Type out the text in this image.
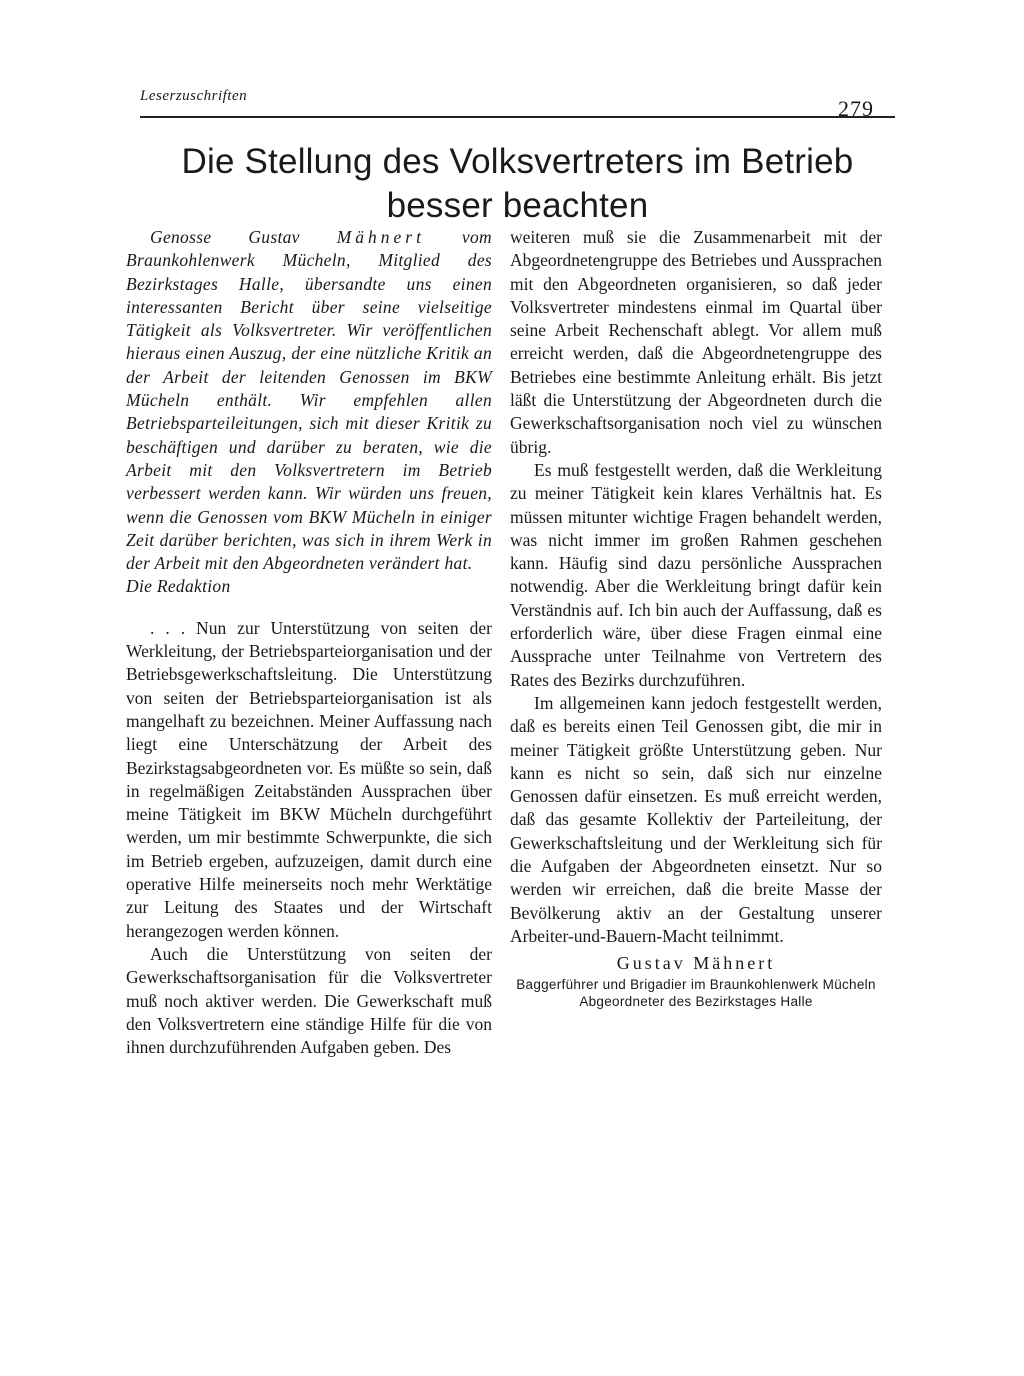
Leserzuschriften	279
Die Stellung des Volksvertreters im Betrieb
besser beachten

Genosse Gustav Mähnert vom Braunkohlenwerk Mücheln, Mitglied des Bezirkstages Halle, übersandte uns einen interessanten Bericht über seine vielseitige Tätigkeit als Volksvertreter. Wir veröffentlichen hieraus einen Auszug, der eine nützliche Kritik an der Arbeit der leitenden Genossen im BKW Mücheln enthält. Wir empfehlen allen Betriebsparteileitungen, sich mit dieser Kritik zu beschäftigen und darüber zu beraten, wie die Arbeit mit den Volksvertretern im Betrieb verbessert werden kann. Wir würden uns freuen, wenn die Genossen vom BKW Mücheln in einiger Zeit darüber berichten, was sich in ihrem Werk in der Arbeit mit den Abgeordneten verändert hat.

Die Redaktion

. . . Nun zur Unterstützung von seiten der Werkleitung, der Betriebsparteiorganisation und der Betriebsgewerkschaftsleitung. Die Unterstützung von seiten der Betriebsparteiorganisation ist als mangelhaft zu bezeichnen. Meiner Auffassung nach liegt eine Unterschätzung der Arbeit des Bezirkstagsabgeordneten vor. Es müßte so sein, daß in regelmäßigen Zeitabständen Aussprachen über meine Tätigkeit im BKW Mücheln durchgeführt werden, um mir bestimmte Schwerpunkte, die sich im Betrieb ergeben, aufzuzeigen, damit durch eine operative Hilfe meinerseits noch mehr Werktätige zur Leitung des Staates und der Wirtschaft herangezogen werden können.

Auch die Unterstützung von seiten der Gewerkschaftsorganisation für die Volksvertreter muß noch aktiver werden. Die Gewerkschaft muß den Volksvertretern eine ständige Hilfe für die von ihnen durchzuführenden Aufgaben geben. Des

weiteren muß sie die Zusammenarbeit mit der Abgeordnetengruppe des Betriebes und Aussprachen mit den Abgeordneten organisieren, so daß jeder Volksvertreter mindestens einmal im Quartal über seine Arbeit Rechenschaft ablegt. Vor allem muß erreicht werden, daß die Abgeordnetengruppe des Betriebes eine bestimmte Anleitung erhält. Bis jetzt läßt die Unterstützung der Abgeordneten durch die Gewerkschaftsorganisation noch viel zu wünschen übrig.

Es muß festgestellt werden, daß die Werkleitung zu meiner Tätigkeit kein klares Verhältnis hat. Es müssen mitunter wichtige Fragen behandelt werden, was nicht immer im großen Rahmen geschehen kann. Häufig sind dazu persönliche Aussprachen notwendig. Aber die Werkleitung bringt dafür kein Verständnis auf. Ich bin auch der Auffassung, daß es erforderlich wäre, über diese Fragen einmal eine Aussprache unter Teilnahme von Vertretern des Rates des Bezirks durchzuführen.

Im allgemeinen kann jedoch festgestellt werden, daß es bereits einen Teil Genossen gibt, die mir in meiner Tätigkeit größte Unterstützung geben. Nur kann es nicht so sein, daß sich nur einzelne Genossen dafür einsetzen. Es muß erreicht werden, daß das gesamte Kollektiv der Parteileitung, der Gewerkschaftsleitung und der Werkleitung sich für die Aufgaben der Abgeordneten einsetzt. Nur so werden wir erreichen, daß die breite Masse der Bevölkerung aktiv an der Gestaltung unserer Arbeiter-und-Bauern-Macht teilnimmt.

Gustav Mähnert
Baggerführer und Brigadier im Braunkohlenwerk Mücheln
Abgeordneter des Bezirkstages Halle
